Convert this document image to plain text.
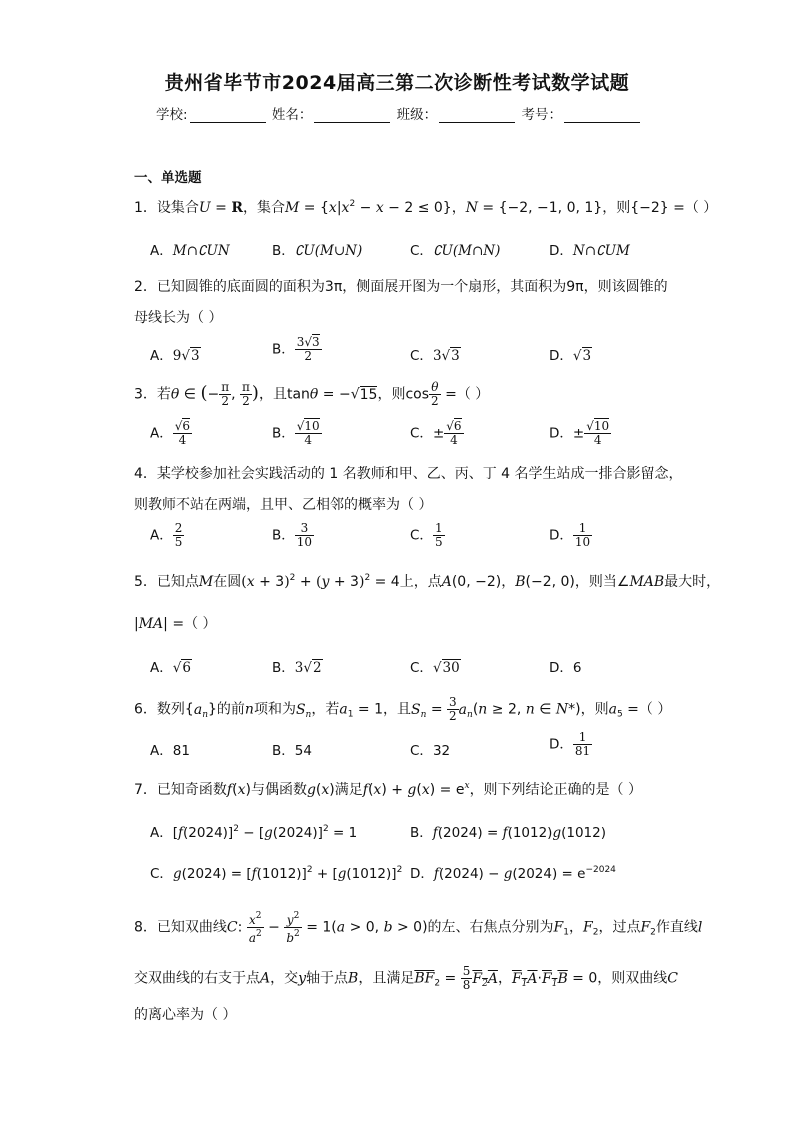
贵州省毕节市2024届高三第二次诊断性考试数学试题
学校:	姓名：	班级：	考号：
一、单选题
1．设集合U = R，集合$M = \{x|x^2 - x - 2 \le 0\}$，N = {−2, −1, 0, 1}，则{−2} =（ ）
A．M∩∁UN	B．∁U(M∪N)	C．∁U(M∩N)	D．N∩∁UM
2．已知圆锥的底面圆的面积为3π，侧面展开图为一个扇形，其面积为9π，则该圆锥的
母线长为（ ）
A．9√3	B． $\frac{3√3}{2}$	C．3√3	D．√3
3．若θ ∈ (− $\frac{\pi}{2}$ , $\frac{\pi}{2}$ )，且tanθ = −√15，则$\cos \frac{\theta}{2}$ =（ ）
A． $\frac{√6}{4}$	B． $\frac{√10}{4}$	C．± $\frac{√6}{4}$	D．± $\frac{√10}{4}$
4．某学校参加社会实践活动的 1 名教师和甲、乙、丙、丁 4 名学生站成一排合影留念，
则教师不站在两端，且甲、乙相邻的概率为（ ）
A． $\frac{2}{5}$	B． $\frac{3}{10}$	C． $\frac{1}{5}$	D． $\frac{1}{10}$
5．已知点M在圆$(x + 3)^2 + (y + 3)^2 = 4$上，点A(0, −2)，B(−2, 0)，则当∠MAB最大时，
|MA| =（ ）
A．√6	B．3√2	C．√30	D．6
6．数列$\{a_n\}$的前n项和为$S_n$，若$a_1 = 1$，且$S_n = \frac{3}{2} a_n(n \ge 2$, n ∈ N*)，则$a_5$ =（ ）
A．81	B．54	C．32	D． $\frac{1}{81}$
7．已知奇函数f(x)与偶函数g(x)满足$f(x) + g(x) = e^x$，则下列结论正确的是（ ）
A．$[f(2024)]^2 - [g(2024)]^2 = 1$	B．f(2024) = f(1012)g(1012)
C．$g(2024) = [f(1012)]^2 + [g(1012)]^2$ D．$f(2024) - g(2024) = e^{-2024}$
8．已知双曲线C: $\frac{x^2}{a^2} - \frac{y^2}{b^2} = 1(a > 0$, b > 0)的左、右焦点分别为$F_1$，$F_2$，过点$F_2$作直线l
交双曲线的右支于点A，交y轴于点B，且满足$\overline{BF}_2 = \frac{5}{8} F_2A$，$F_1A\cdot F_1B = 0$，则双曲线C
的离心率为（ ）
